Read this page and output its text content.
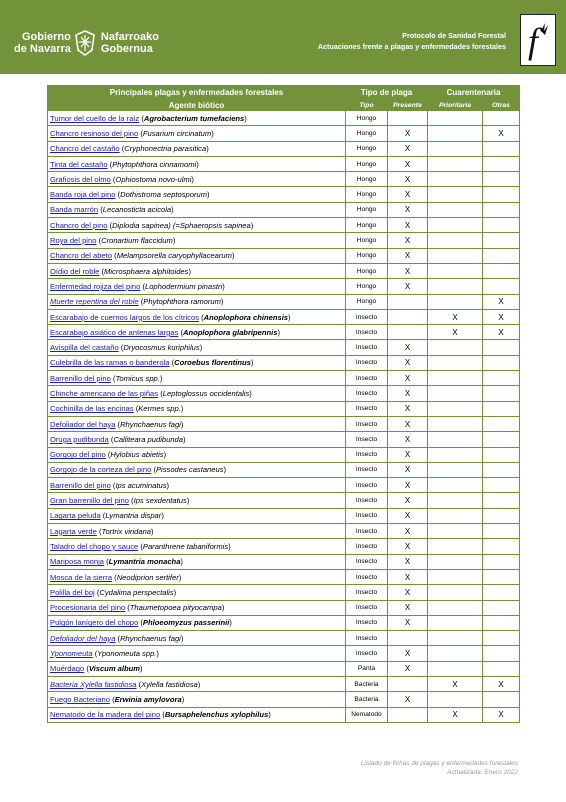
Gobierno
de Navarra
Nafarroako
Gobernua
Protocolo de Sanidad Forestal
Actuaciones frente a plagas y enfermedades forestales f
Principales plagas y enfermedades forestales	Tipo de plaga		Cuarentenaria	
Agente biótico	Tipo	Presente	Prioritaria	Otras
Tumor del cuello de la raíz (Agrobacterium tumefaciens)	Hongo			
Chancro resinoso del pino (Fusarium circinatum)	Hongo	X		X
Chancro del castaño (Cryphonectria parasitica)	Hongo	X		
Tinta del castaño (Phytophthora cinnamomi)	Hongo	X		
Grafiosis del olmo (Ophiostoma novo-ulmi)	Hongo	X		
Banda roja del pino (Dothistroma septosporum)	Hongo	X		
Banda marrón (Lecanosticta acicola)	Hongo	X		
Chancro del pino (Diplodia sapinea) (=Sphaeropsis sapinea)	Hongo	X		
Roya del pino (Cronartium flaccidum)	Hongo	X		
Chancro del abeto (Melampsorella caryophyllacearum)	Hongo	X		
Oídio del roble (Microsphaera alphitoides)	Hongo	X		
Enfermedad rojiza del pino (Lophodermium pinastri)	Hongo	X		
Muerte repentina del roble (Phytophthora ramorum)	Hongo			X
Escarabajo de cuernos largos de los cítricos (Anoplophora chinensis)	Insecto		X	X
Escarabajo asiático de antenas largas (Anoplophora glabripennis)	Insecto		X	X
Avispilla del castaño (Dryocosmus kuriphilus)	Insecto	X		
Culebrilla de las ramas o banderola (Coroebus florentinus)	Insecto	X		
Barrenillo del pino (Tomicus spp.)	Insecto	X		
Chinche americano de las piñas (Leptoglossus occidentalis)	Insecto	X		
Cochinilla de las encinas (Kermes spp.)	Insecto	X		
Defoliador del haya (Rhynchaenus fagi)	Insecto	X		
Oruga pudibunda (Calliteara pudibunda)	Insecto	X		
Gorgojo del pino (Hylobius abietis)	Insecto	X		
Gorgojo de la corteza del pino (Pissodes castaneus)	Insecto	X		
Barrenillo del pino (Ips acuminatus)	Insecto	X		
Gran barrenillo del pino (Ips sexdentatus)	Insecto	X		
Lagarta peluda (Lymantria dispar)	Insecto	X		
Lagarta verde (Tortrix viridana)	Insecto	X		
Taladro del chopo y sauce (Paranthrene tabaniformis)	Insecto	X		
Mariposa monja (Lymantria monacha)	Insecto	X		
Mosca de la sierra (Neodiprion sertifer)	Insecto	X		
Polilla del boj (Cydalima perspectalis)	Insecto	X		
Procesionaria del pino (Thaumetopoea pityocampa)	Insecto	X		
Pulgón lanígero del chopo (Phloeomyzus passerinii)	Insecto	X		
Defoliador del haya (Rhynchaenus fagi)	Insecto			
Yponomeuta (Yponomeuta spp.)	Insecto	X		
Muérdago (Viscum album)	Panta	X		
Bacteria Xylella fastidiosa (Xylella fastidiosa)	Bacteria		X	X
Fuego Bacteriano (Erwinia amylovora)	Bacteria	X		
Nematodo de la madera del pino (Bursaphelenchus xylophilus)	Nematodo		X	X
Listado de fichas de plagas y enfermedades forestales
Actualizada: Enero 2022
